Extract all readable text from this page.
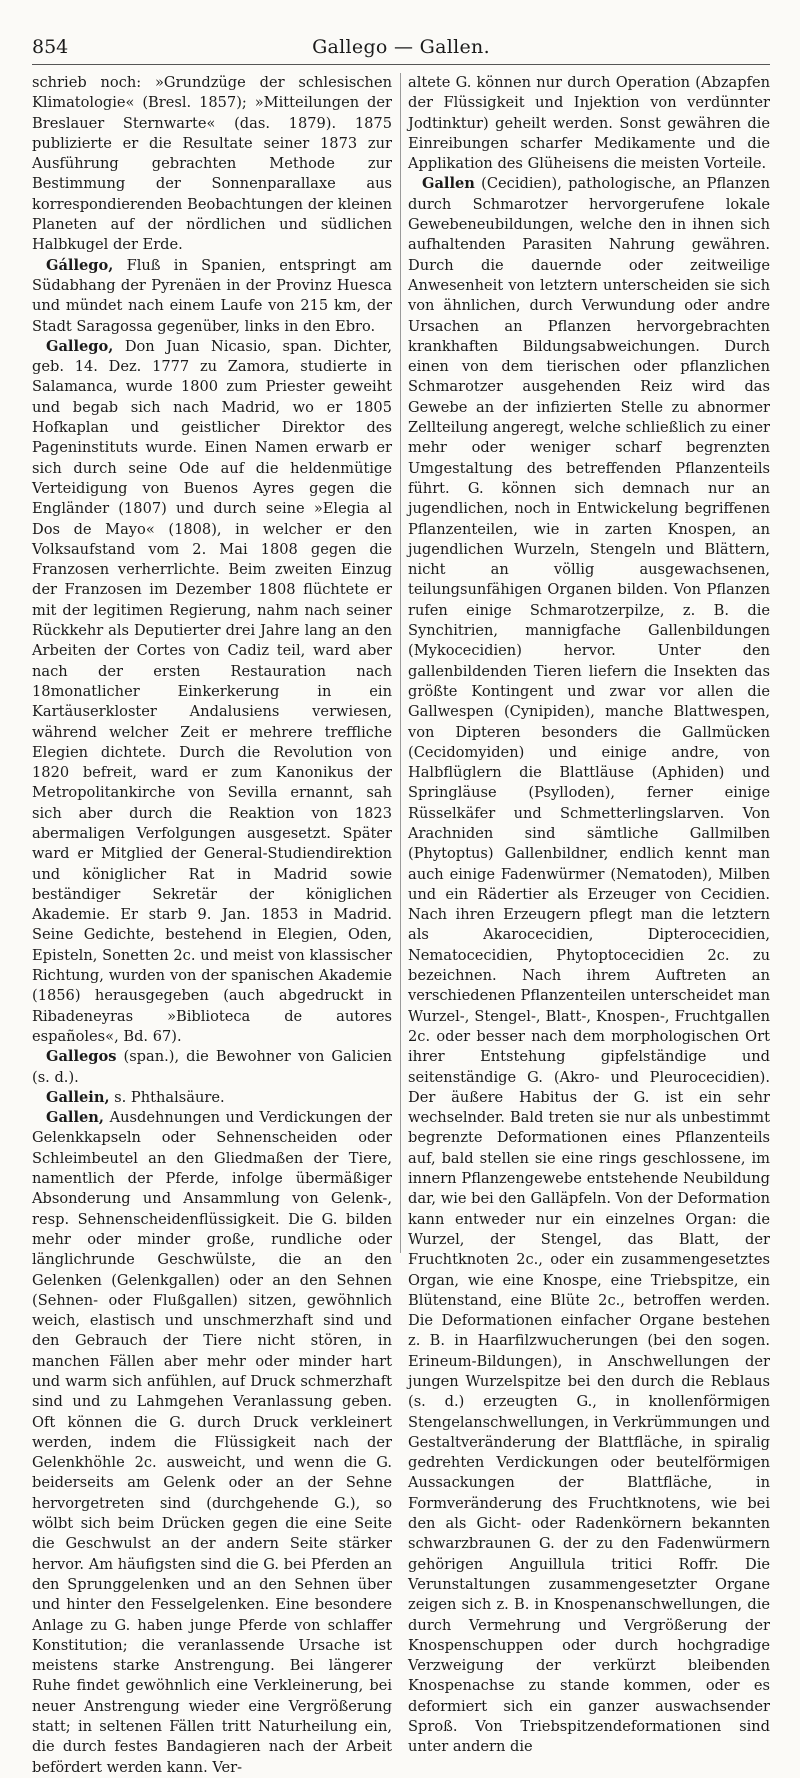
854	Gallego — Gallen.

schrieb noch: »Grundzüge der schlesischen Klimatologie« (Bresl. 1857); »Mitteilungen der Breslauer Sternwarte« (das. 1879). 1875 publizierte er die Resultate seiner 1873 zur Ausführung gebrachten Methode zur Bestimmung der Sonnenparallaxe aus korrespondierenden Beobachtungen der kleinen Planeten auf der nördlichen und südlichen Halbkugel der Erde.

Gállego, Fluß in Spanien, entspringt am Südabhang der Pyrenäen in der Provinz Huesca und mündet nach einem Laufe von 215 km, der Stadt Saragossa gegenüber, links in den Ebro.

Gallego, Don Juan Nicasio, span. Dichter, geb. 14. Dez. 1777 zu Zamora, studierte in Salamanca, wurde 1800 zum Priester geweiht und begab sich nach Madrid, wo er 1805 Hofkaplan und geistlicher Direktor des Pageninstituts wurde. Einen Namen erwarb er sich durch seine Ode auf die heldenmütige Verteidigung von Buenos Ayres gegen die Engländer (1807) und durch seine »Elegia al Dos de Mayo« (1808), in welcher er den Volksaufstand vom 2. Mai 1808 gegen die Franzosen verherrlichte. Beim zweiten Einzug der Franzosen im Dezember 1808 flüchtete er mit der legitimen Regierung, nahm nach seiner Rückkehr als Deputierter drei Jahre lang an den Arbeiten der Cortes von Cadiz teil, ward aber nach der ersten Restauration nach 18monatlicher Einkerkerung in ein Kartäuserkloster Andalusiens verwiesen, während welcher Zeit er mehrere treffliche Elegien dichtete. Durch die Revolution von 1820 befreit, ward er zum Kanonikus der Metropolitankirche von Sevilla ernannt, sah sich aber durch die Reaktion von 1823 abermaligen Verfolgungen ausgesetzt. Später ward er Mitglied der General-Studiendirektion und königlicher Rat in Madrid sowie beständiger Sekretär der königlichen Akademie. Er starb 9. Jan. 1853 in Madrid. Seine Gedichte, bestehend in Elegien, Oden, Episteln, Sonetten 2c. und meist von klassischer Richtung, wurden von der spanischen Akademie (1856) herausgegeben (auch abgedruckt in Ribadeneyras »Biblioteca de autores españoles«, Bd. 67).

Gallegos (span.), die Bewohner von Galicien (s. d.).

Gallein, s. Phthalsäure.

Gallen, Ausdehnungen und Verdickungen der Gelenkkapseln oder Sehnenscheiden oder Schleimbeutel an den Gliedmaßen der Tiere, namentlich der Pferde, infolge übermäßiger Absonderung und Ansammlung von Gelenk-, resp. Sehnenscheidenflüssigkeit. Die G. bilden mehr oder minder große, rundliche oder länglichrunde Geschwülste, die an den Gelenken (Gelenkgallen) oder an den Sehnen (Sehnen- oder Flußgallen) sitzen, gewöhnlich weich, elastisch und unschmerzhaft sind und den Gebrauch der Tiere nicht stören, in manchen Fällen aber mehr oder minder hart und warm sich anfühlen, auf Druck schmerzhaft sind und zu Lahmgehen Veranlassung geben. Oft können die G. durch Druck verkleinert werden, indem die Flüssigkeit nach der Gelenkhöhle 2c. ausweicht, und wenn die G. beiderseits am Gelenk oder an der Sehne hervorgetreten sind (durchgehende G.), so wölbt sich beim Drücken gegen die eine Seite die Geschwulst an der andern Seite stärker hervor. Am häufigsten sind die G. bei Pferden an den Sprunggelenken und an den Sehnen über und hinter den Fesselgelenken. Eine besondere Anlage zu G. haben junge Pferde von schlaffer Konstitution; die veranlassende Ursache ist meistens starke Anstrengung. Bei längerer Ruhe findet gewöhnlich eine Verkleinerung, bei neuer Anstrengung wieder eine Vergrößerung statt; in seltenen Fällen tritt Naturheilung ein, die durch festes Bandagieren nach der Arbeit befördert werden kann. Ver-

altete G. können nur durch Operation (Abzapfen der Flüssigkeit und Injektion von verdünnter Jodtinktur) geheilt werden. Sonst gewähren die Einreibungen scharfer Medikamente und die Applikation des Glüheisens die meisten Vorteile.

Gallen (Cecidien), pathologische, an Pflanzen durch Schmarotzer hervorgerufene lokale Gewebeneubildungen, welche den in ihnen sich aufhaltenden Parasiten Nahrung gewähren. Durch die dauernde oder zeitweilige Anwesenheit von letztern unterscheiden sie sich von ähnlichen, durch Verwundung oder andre Ursachen an Pflanzen hervorgebrachten krankhaften Bildungsabweichungen. Durch einen von dem tierischen oder pflanzlichen Schmarotzer ausgehenden Reiz wird das Gewebe an der infizierten Stelle zu abnormer Zellteilung angeregt, welche schließlich zu einer mehr oder weniger scharf begrenzten Umgestaltung des betreffenden Pflanzenteils führt. G. können sich demnach nur an jugendlichen, noch in Entwickelung begriffenen Pflanzenteilen, wie in zarten Knospen, an jugendlichen Wurzeln, Stengeln und Blättern, nicht an völlig ausgewachsenen, teilungsunfähigen Organen bilden. Von Pflanzen rufen einige Schmarotzerpilze, z. B. die Synchitrien, mannigfache Gallenbildungen (Mykocecidien) hervor. Unter den gallenbildenden Tieren liefern die Insekten das größte Kontingent und zwar vor allen die Gallwespen (Cynipiden), manche Blattwespen, von Dipteren besonders die Gallmücken (Cecidomyiden) und einige andre, von Halbflüglern die Blattläuse (Aphiden) und Springläuse (Psylloden), ferner einige Rüsselkäfer und Schmetterlingslarven. Von Arachniden sind sämtliche Gallmilben (Phytoptus) Gallenbildner, endlich kennt man auch einige Fadenwürmer (Nematoden), Milben und ein Rädertier als Erzeuger von Cecidien. Nach ihren Erzeugern pflegt man die letztern als Akarocecidien, Dipterocecidien, Nematocecidien, Phytoptocecidien 2c. zu bezeichnen. Nach ihrem Auftreten an verschiedenen Pflanzenteilen unterscheidet man Wurzel-, Stengel-, Blatt-, Knospen-, Fruchtgallen 2c. oder besser nach dem morphologischen Ort ihrer Entstehung gipfelständige und seitenständige G. (Akro- und Pleurocecidien). Der äußere Habitus der G. ist ein sehr wechselnder. Bald treten sie nur als unbestimmt begrenzte Deformationen eines Pflanzenteils auf, bald stellen sie eine rings geschlossene, im innern Pflanzengewebe entstehende Neubildung dar, wie bei den Galläpfeln. Von der Deformation kann entweder nur ein einzelnes Organ: die Wurzel, der Stengel, das Blatt, der Fruchtknoten 2c., oder ein zusammengesetztes Organ, wie eine Knospe, eine Triebspitze, ein Blütenstand, eine Blüte 2c., betroffen werden. Die Deformationen einfacher Organe bestehen z. B. in Haarfilzwucherungen (bei den sogen. Erineum-Bildungen), in Anschwellungen der jungen Wurzelspitze bei den durch die Reblaus (s. d.) erzeugten G., in knollenförmigen Stengelanschwellungen, in Verkrümmungen und Gestaltveränderung der Blattfläche, in spiralig gedrehten Verdickungen oder beutelförmigen Aussackungen der Blattfläche, in Formveränderung des Fruchtknotens, wie bei den als Gicht- oder Radenkörnern bekannten schwarzbraunen G. der zu den Fadenwürmern gehörigen Anguillula tritici Roffr. Die Verunstaltungen zusammengesetzter Organe zeigen sich z. B. in Knospenanschwellungen, die durch Vermehrung und Vergrößerung der Knospenschuppen oder durch hochgradige Verzweigung der verkürzt bleibenden Knospenachse zu stande kommen, oder es deformiert sich ein ganzer auswachsender Sproß. Von Triebspitzendeformationen sind unter andern die
